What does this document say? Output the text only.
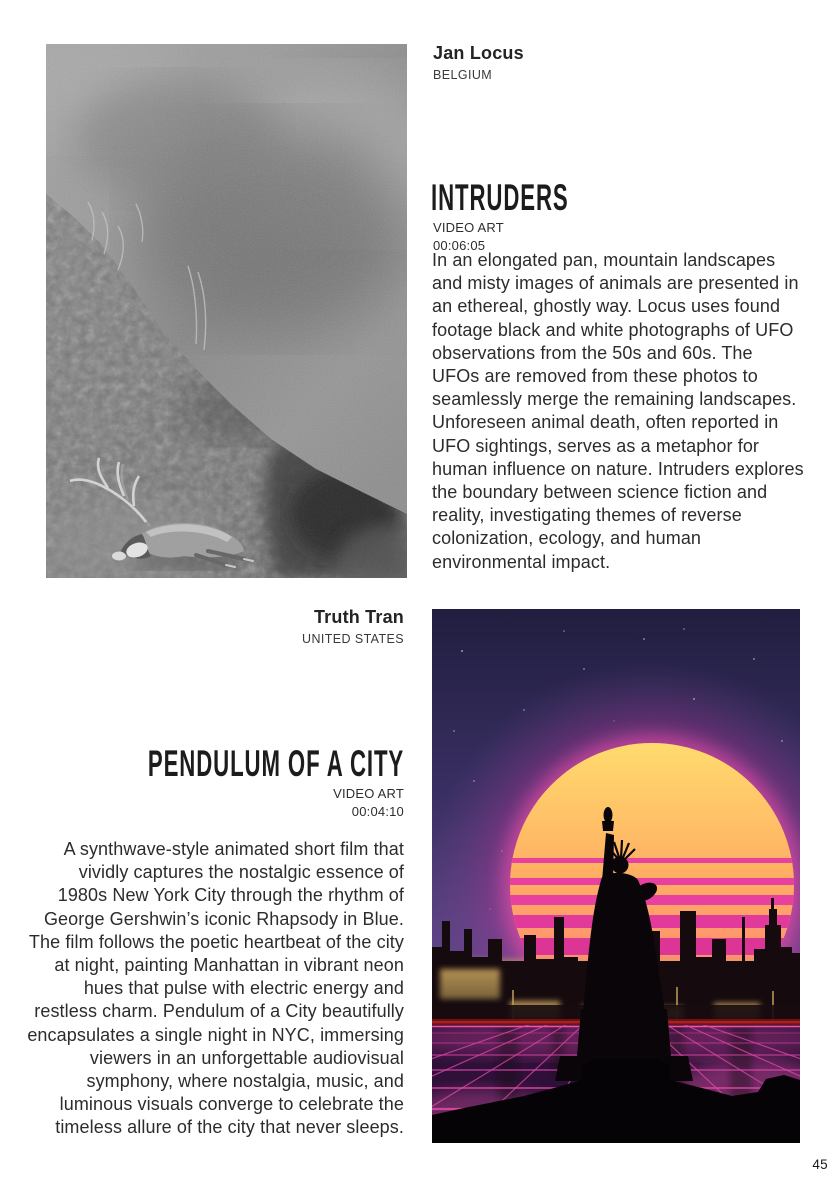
Jan Locus
BELGIUM
INTRUDERS
VIDEO ART
00:06:05

In an elongated pan, mountain landscapes and misty images of animals are presented in an ethereal, ghostly way. Locus uses found footage black and white photographs of UFO observations from the 50s and 60s. The UFOs are removed from these photos to seamlessly merge the remaining landscapes. Unforeseen animal death, often reported in UFO sightings, serves as a metaphor for human influence on nature. Intruders explores the boundary between science fiction and reality, investigating themes of reverse colonization, ecology, and human environmental impact.

Truth Tran
UNITED STATES
PENDULUM OF A CITY
VIDEO ART
00:04:10

A synthwave-style animated short film that vividly captures the nostalgic essence of 1980s New York City through the rhythm of George Gershwin’s iconic Rhapsody in Blue. The film follows the poetic heartbeat of the city at night, painting Manhattan in vibrant neon hues that pulse with electric energy and restless charm. Pendulum of a City beautifully encapsulates a single night in NYC, immersing viewers in an unforgettable audiovisual symphony, where nostalgia, music, and luminous visuals converge to celebrate the timeless allure of the city that never sleeps.

45
